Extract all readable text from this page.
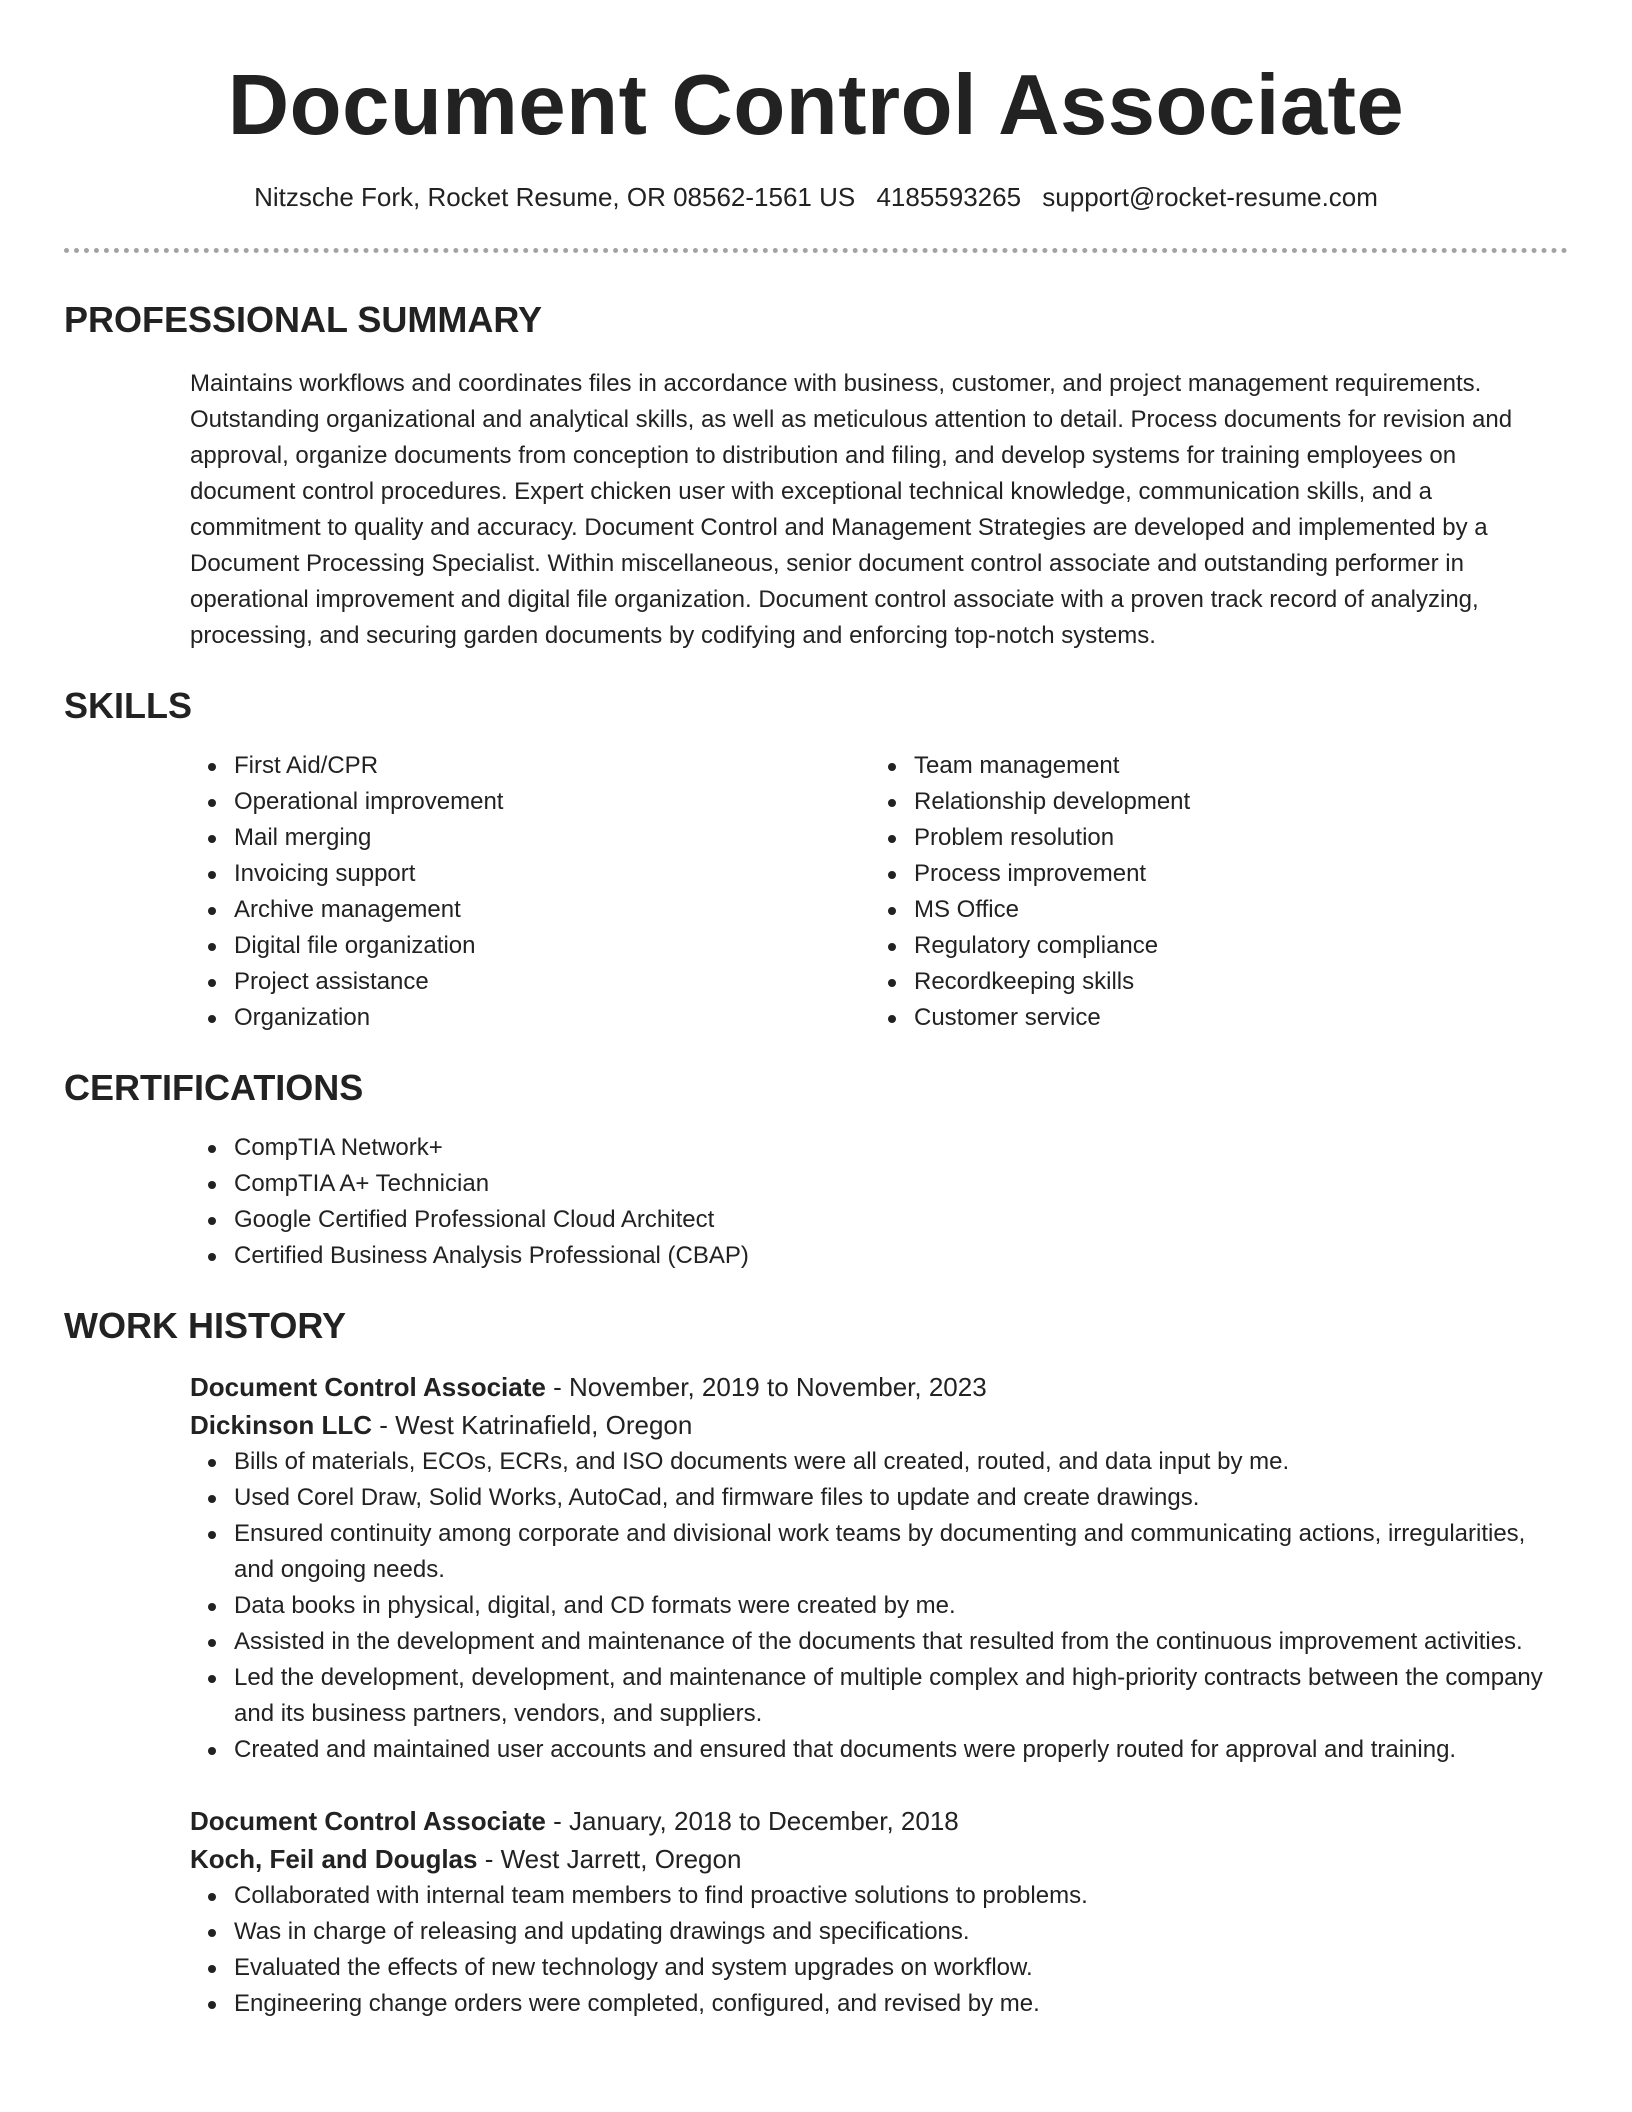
Document Control Associate
Nitzsche Fork, Rocket Resume, OR 08562-1561 US 4185593265 support@rocket-resume.com
PROFESSIONAL SUMMARY

Maintains workflows and coordinates files in accordance with business, customer, and project management requirements. Outstanding organizational and analytical skills, as well as meticulous attention to detail. Process documents for revision and approval, organize documents from conception to distribution and filing, and develop systems for training employees on document control procedures. Expert chicken user with exceptional technical knowledge, communication skills, and a commitment to quality and accuracy. Document Control and Management Strategies are developed and implemented by a Document Processing Specialist. Within miscellaneous, senior document control associate and outstanding performer in operational improvement and digital file organization. Document control associate with a proven track record of analyzing, processing, and securing garden documents by codifying and enforcing top-notch systems.

SKILLS
First Aid/CPR
Operational improvement
Mail merging
Invoicing support
Archive management
Digital file organization
Project assistance
Organization
Team management
Relationship development
Problem resolution
Process improvement
MS Office
Regulatory compliance
Recordkeeping skills
Customer service
CERTIFICATIONS
CompTIA Network+
CompTIA A+ Technician
Google Certified Professional Cloud Architect
Certified Business Analysis Professional (CBAP)
WORK HISTORY
Document Control Associate - November, 2019 to November, 2023
Dickinson LLC - West Katrinafield, Oregon
Bills of materials, ECOs, ECRs, and ISO documents were all created, routed, and data input by me.
Used Corel Draw, Solid Works, AutoCad, and firmware files to update and create drawings.
Ensured continuity among corporate and divisional work teams by documenting and communicating actions, irregularities, and ongoing needs.
Data books in physical, digital, and CD formats were created by me.
Assisted in the development and maintenance of the documents that resulted from the continuous improvement activities.
Led the development, development, and maintenance of multiple complex and high-priority contracts between the company and its business partners, vendors, and suppliers.
Created and maintained user accounts and ensured that documents were properly routed for approval and training.
Document Control Associate - January, 2018 to December, 2018
Koch, Feil and Douglas - West Jarrett, Oregon
Collaborated with internal team members to find proactive solutions to problems.
Was in charge of releasing and updating drawings and specifications.
Evaluated the effects of new technology and system upgrades on workflow.
Engineering change orders were completed, configured, and revised by me.
